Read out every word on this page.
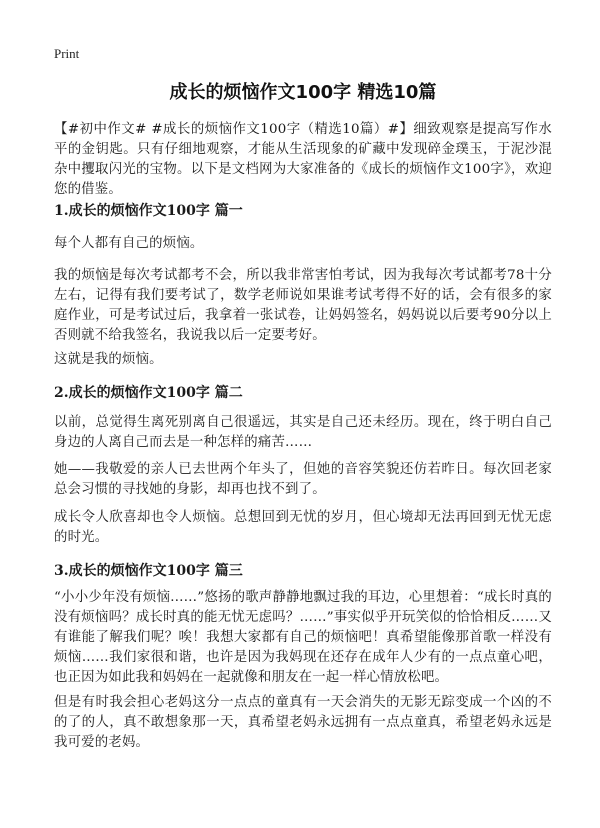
Print
成长的烦恼作文100字 精选10篇

【#初中作文# #成长的烦恼作文100字（精选10篇）#】细致观察是提高写作水平的金钥匙。只有仔细地观察，才能从生活现象的矿藏中发现碎金璞玉，于泥沙混杂中攫取闪光的宝物。以下是文档网为大家准备的《成长的烦恼作文100字》，欢迎您的借鉴。

1.成长的烦恼作文100字 篇一

每个人都有自己的烦恼。

我的烦恼是每次考试都考不会，所以我非常害怕考试，因为我每次考试都考78十分左右，记得有我们要考试了，数学老师说如果谁考试考得不好的话，会有很多的家庭作业，可是考试过后，我拿着一张试卷，让妈妈签名，妈妈说以后要考90分以上否则就不给我签名，我说我以后一定要考好。

这就是我的烦恼。

2.成长的烦恼作文100字 篇二

以前，总觉得生离死别离自己很遥远，其实是自己还未经历。现在，终于明白自己身边的人离自己而去是一种怎样的痛苦……

她——我敬爱的亲人已去世两个年头了，但她的音容笑貌还仿若昨日。每次回老家总会习惯的寻找她的身影，却再也找不到了。

成长令人欣喜却也令人烦恼。总想回到无忧的岁月，但心境却无法再回到无忧无虑的时光。

3.成长的烦恼作文100字 篇三

“小小少年没有烦恼……”悠扬的歌声静静地飘过我的耳边，心里想着：“成长时真的没有烦恼吗？成长时真的能无忧无虑吗？……”事实似乎开玩笑似的恰恰相反……又有谁能了解我们呢？唉！我想大家都有自己的烦恼吧！真希望能像那首歌一样没有烦恼……我们家很和谐，也许是因为我妈现在还存在成年人少有的一点点童心吧，也正因为如此我和妈妈在一起就像和朋友在一起一样心情放松吧。

但是有时我会担心老妈这分一点点的童真有一天会消失的无影无踪变成一个凶的不的了的人，真不敢想象那一天，真希望老妈永远拥有一点点童真，希望老妈永远是我可爱的老妈。
